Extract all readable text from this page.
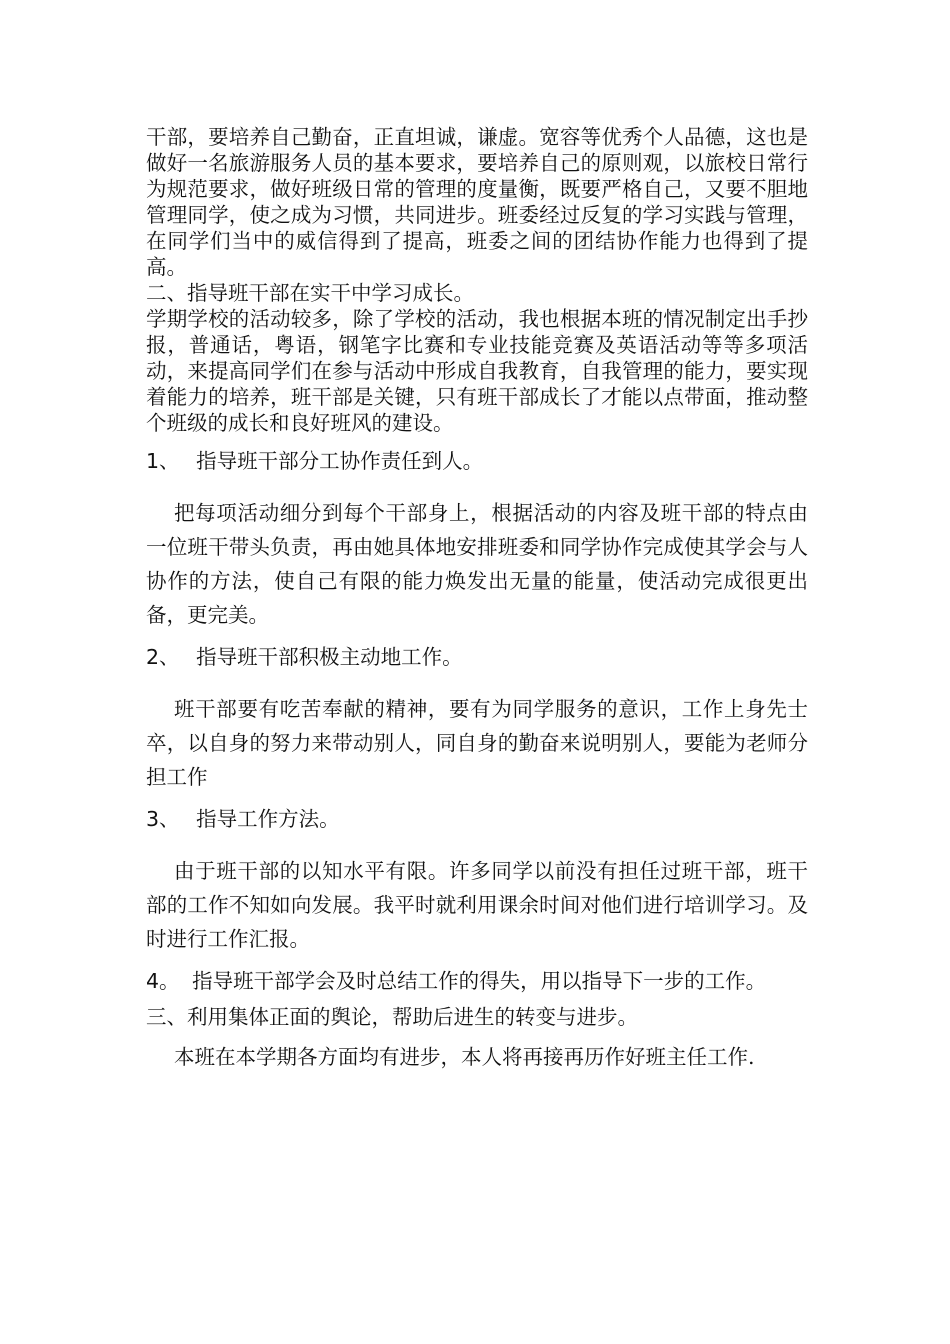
干部，要培养自己勤奋，正直坦诚，谦虚。宽容等优秀个人品德，这也是做好一名旅游服务人员的基本要求，要培养自己的原则观，以旅校日常行为规范要求，做好班级日常的管理的度量衡，既要严格自己，又要不胆地管理同学，使之成为习惯，共同进步。班委经过反复的学习实践与管理，在同学们当中的威信得到了提高，班委之间的团结协作能力也得到了提高。

二、指导班干部在实干中学习成长。

学期学校的活动较多，除了学校的活动，我也根据本班的情况制定出手抄报，普通话，粤语，钢笔字比赛和专业技能竞赛及英语活动等等多项活动，来提高同学们在参与活动中形成自我教育，自我管理的能力，要实现着能力的培养，班干部是关键，只有班干部成长了才能以点带面，推动整个班级的成长和良好班风的建设。

1、 指导班干部分工协作责任到人。

把每项活动细分到每个干部身上，根据活动的内容及班干部的特点由一位班干带头负责，再由她具体地安排班委和同学协作完成使其学会与人协作的方法，使自己有限的能力焕发出无量的能量，使活动完成很更出备，更完美。

2、 指导班干部积极主动地工作。

班干部要有吃苦奉献的精神，要有为同学服务的意识，工作上身先士卒，以自身的努力来带动别人，同自身的勤奋来说明别人，要能为老师分担工作

3、 指导工作方法。

由于班干部的以知水平有限。许多同学以前没有担任过班干部，班干部的工作不知如向发展。我平时就利用课余时间对他们进行培训学习。及时进行工作汇报。

4。 指导班干部学会及时总结工作的得失，用以指导下一步的工作。

三、利用集体正面的舆论，帮助后进生的转变与进步。

本班在本学期各方面均有进步，本人将再接再历作好班主任工作.
